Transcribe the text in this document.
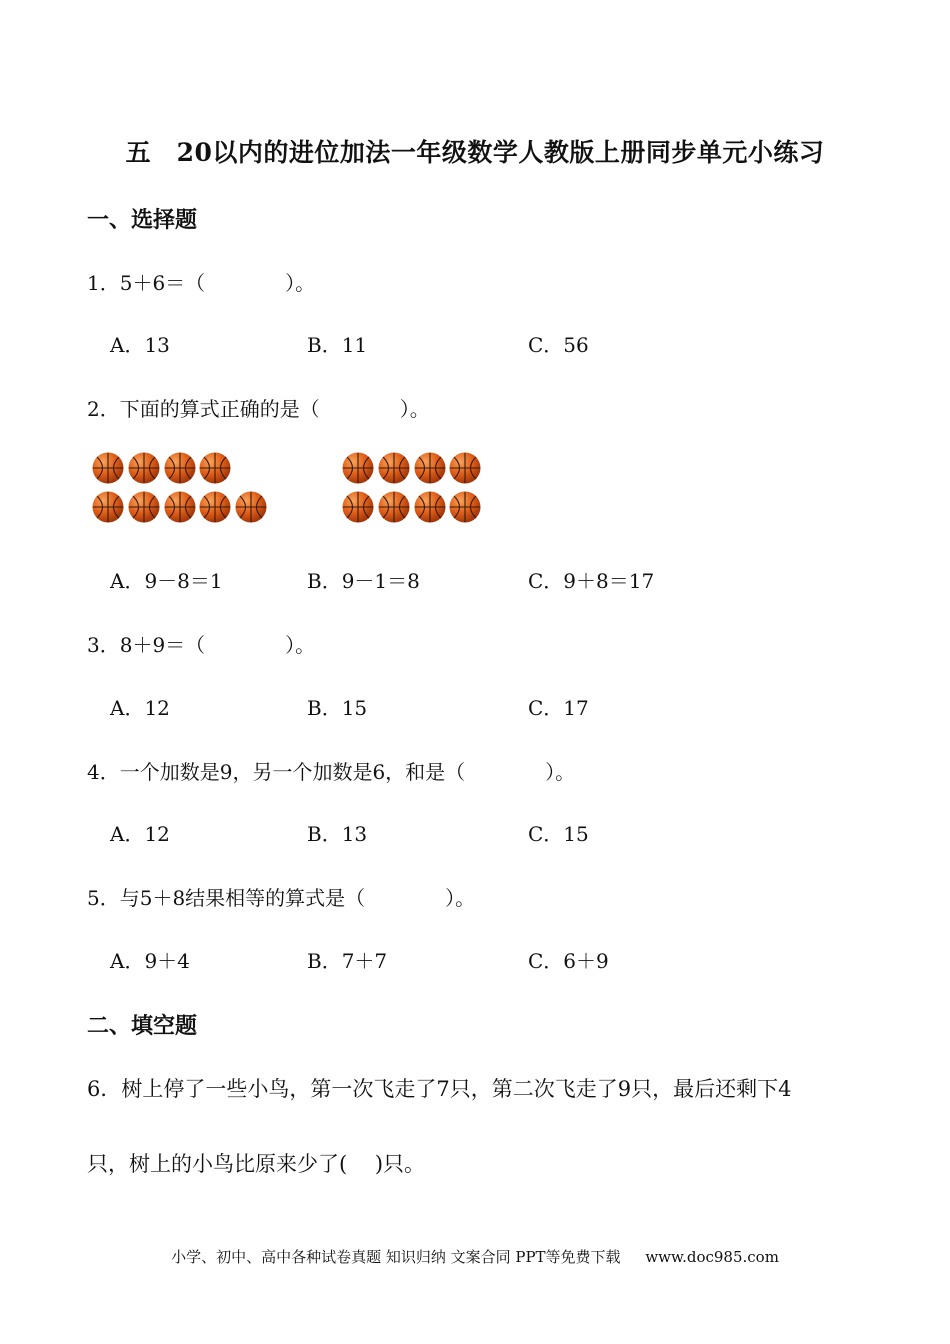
五　20以内的进位加法一年级数学人教版上册同步单元小练习
一、选择题
1．5＋6＝（　　　　）。
A．13	B．11	C．56
2．下面的算式正确的是（　　　　）。
A．9－8＝1	B．9－1＝8	C．9＋8＝17
3．8＋9＝（　　　　）。
A．12	B．15	C．17
4．一个加数是9，另一个加数是6，和是（　　　　）。
A．12	B．13	C．15
5．与5＋8结果相等的算式是（　　　　）。
A．9＋4	B．7＋7	C．6＋9
二、填空题
6．树上停了一些小鸟，第一次飞走了7只，第二次飞走了9只，最后还剩下4
只，树上的小鸟比原来少了(　 )只。
小学、初中、高中各种试卷真题 知识归纳 文案合同 PPT等免费下载 www.doc985.com
